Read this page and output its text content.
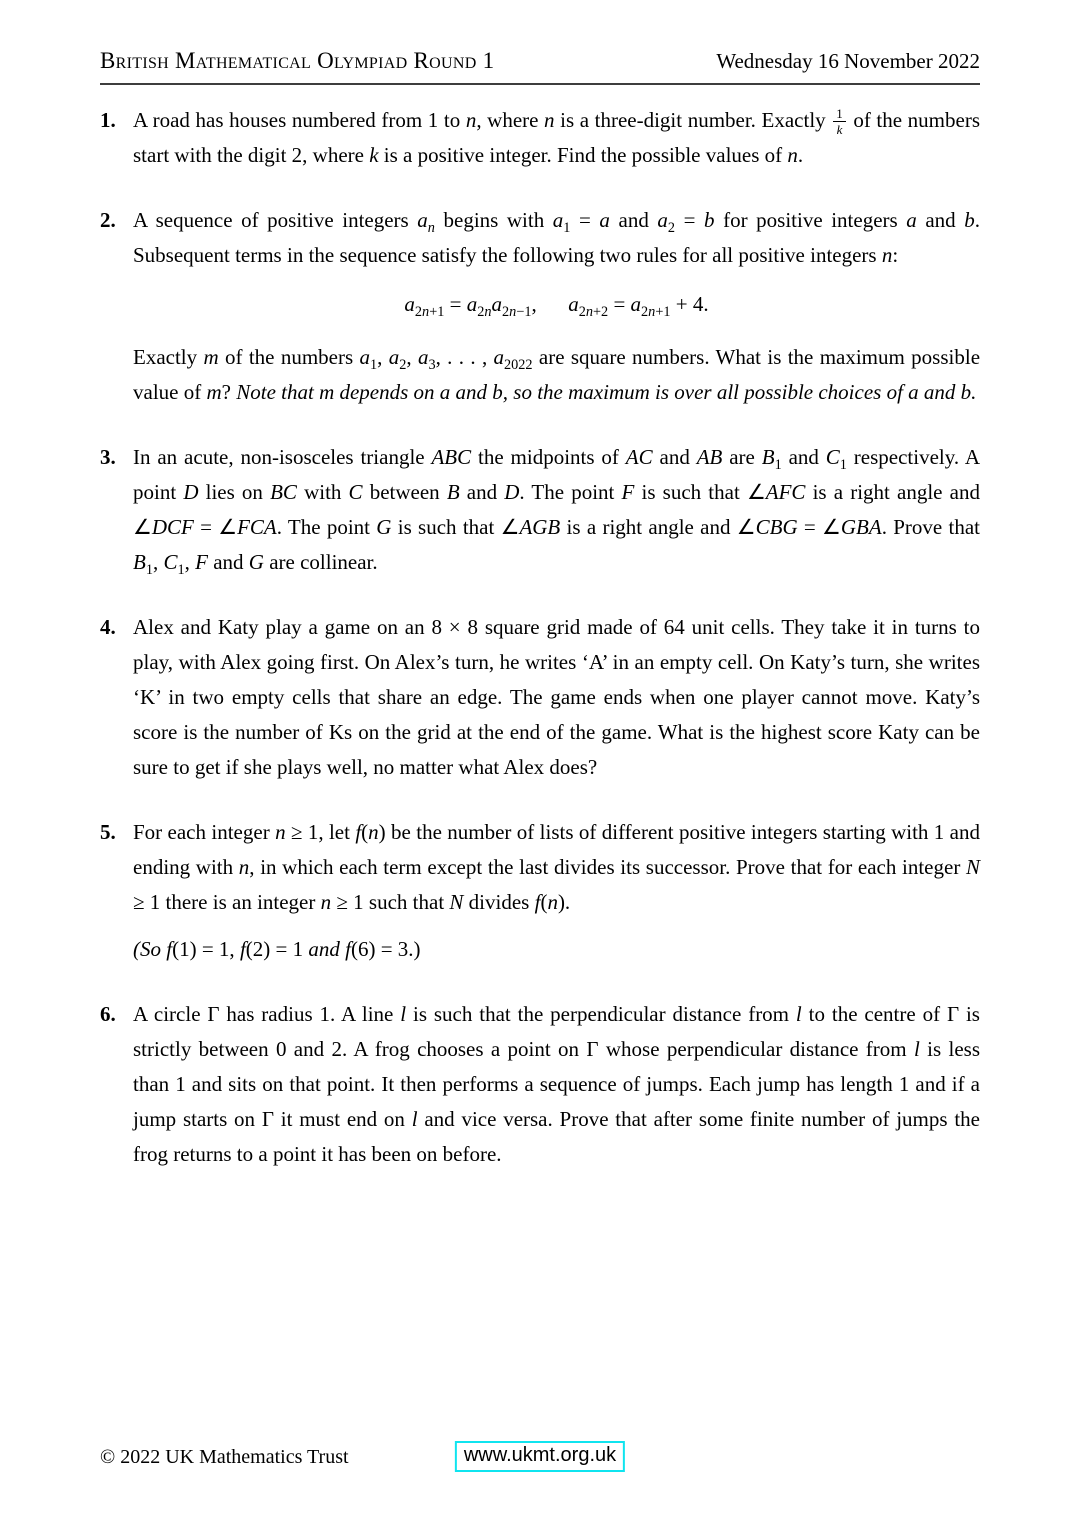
British Mathematical Olympiad Round 1	Wednesday 16 November 2022
1. A road has houses numbered from 1 to n, where n is a three-digit number. Exactly $\frac{1}{k}$ of the numbers start with the digit 2, where k is a positive integer. Find the possible values of n.

2. A sequence of positive integers $a_n$ begins with $a_1 = a$ and $a_2 = b$ for positive integers a and b. Subsequent terms in the sequence satisfy the following two rules for all positive integers n:

$a_{2n+1} = a_{2n}a_{2n-1}$,  $a_{2n+2} = a_{2n+1} + 4$.

Exactly m of the numbers $a_1$, $a_2$, $a_3$, . . . , $a_{2022}$ are square numbers. What is the maximum possible value of m? Note that m depends on a and b, so the maximum is over all possible choices of a and b.

3. In an acute, non-isosceles triangle ABC the midpoints of AC and AB are $B_1$ and $C_1$ respectively. A point D lies on BC with C between B and D. The point F is such that ∠AFC is a right angle and ∠DCF = ∠FCA. The point G is such that ∠AGB is a right angle and ∠CBG = ∠GBA. Prove that $B_1$, $C_1$, F and G are collinear.

4. Alex and Katy play a game on an 8 × 8 square grid made of 64 unit cells. They take it in turns to play, with Alex going first. On Alex’s turn, he writes ‘A’ in an empty cell. On Katy’s turn, she writes ‘K’ in two empty cells that share an edge. The game ends when one player cannot move. Katy’s score is the number of Ks on the grid at the end of the game. What is the highest score Katy can be sure to get if she plays well, no matter what Alex does?

5. For each integer n ≥ 1, let f(n) be the number of lists of different positive integers starting with 1 and ending with n, in which each term except the last divides its successor. Prove that for each integer N ≥ 1 there is an integer n ≥ 1 such that N divides f(n).

(So f(1) = 1, f(2) = 1 and f(6) = 3.)

6. A circle Γ has radius 1. A line l is such that the perpendicular distance from l to the centre of Γ is strictly between 0 and 2. A frog chooses a point on Γ whose perpendicular distance from l is less than 1 and sits on that point. It then performs a sequence of jumps. Each jump has length 1 and if a jump starts on Γ it must end on l and vice versa. Prove that after some finite number of jumps the frog returns to a point it has been on before.

© 2022 UK Mathematics Trust	www.ukmt.org.uk
